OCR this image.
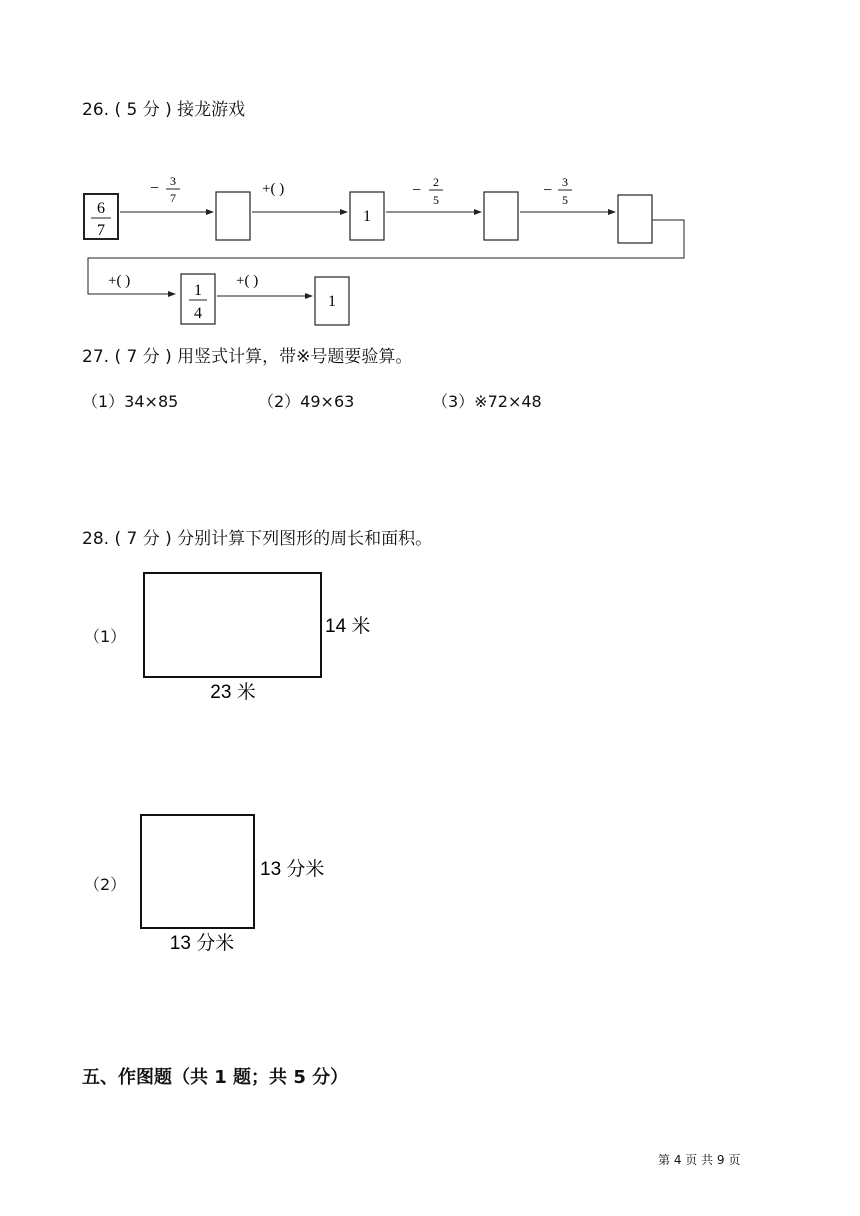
26. ( 5 分 ) 接龙游戏
6
7
− 3
7
+( )
1
− 2
5
− 3
5
+( )
1
4
+( )
1
27. ( 7 分 ) 用竖式计算，带※号题要验算。
（1）34×85	（2）49×63	（3）※72×48
28. ( 7 分 ) 分别计算下列图形的周长和面积。
（1）	14 米
23 米
（2）
13 分米
13 分米
五、作图题（共 1 题；共 5 分）
第 4 页 共 9 页
